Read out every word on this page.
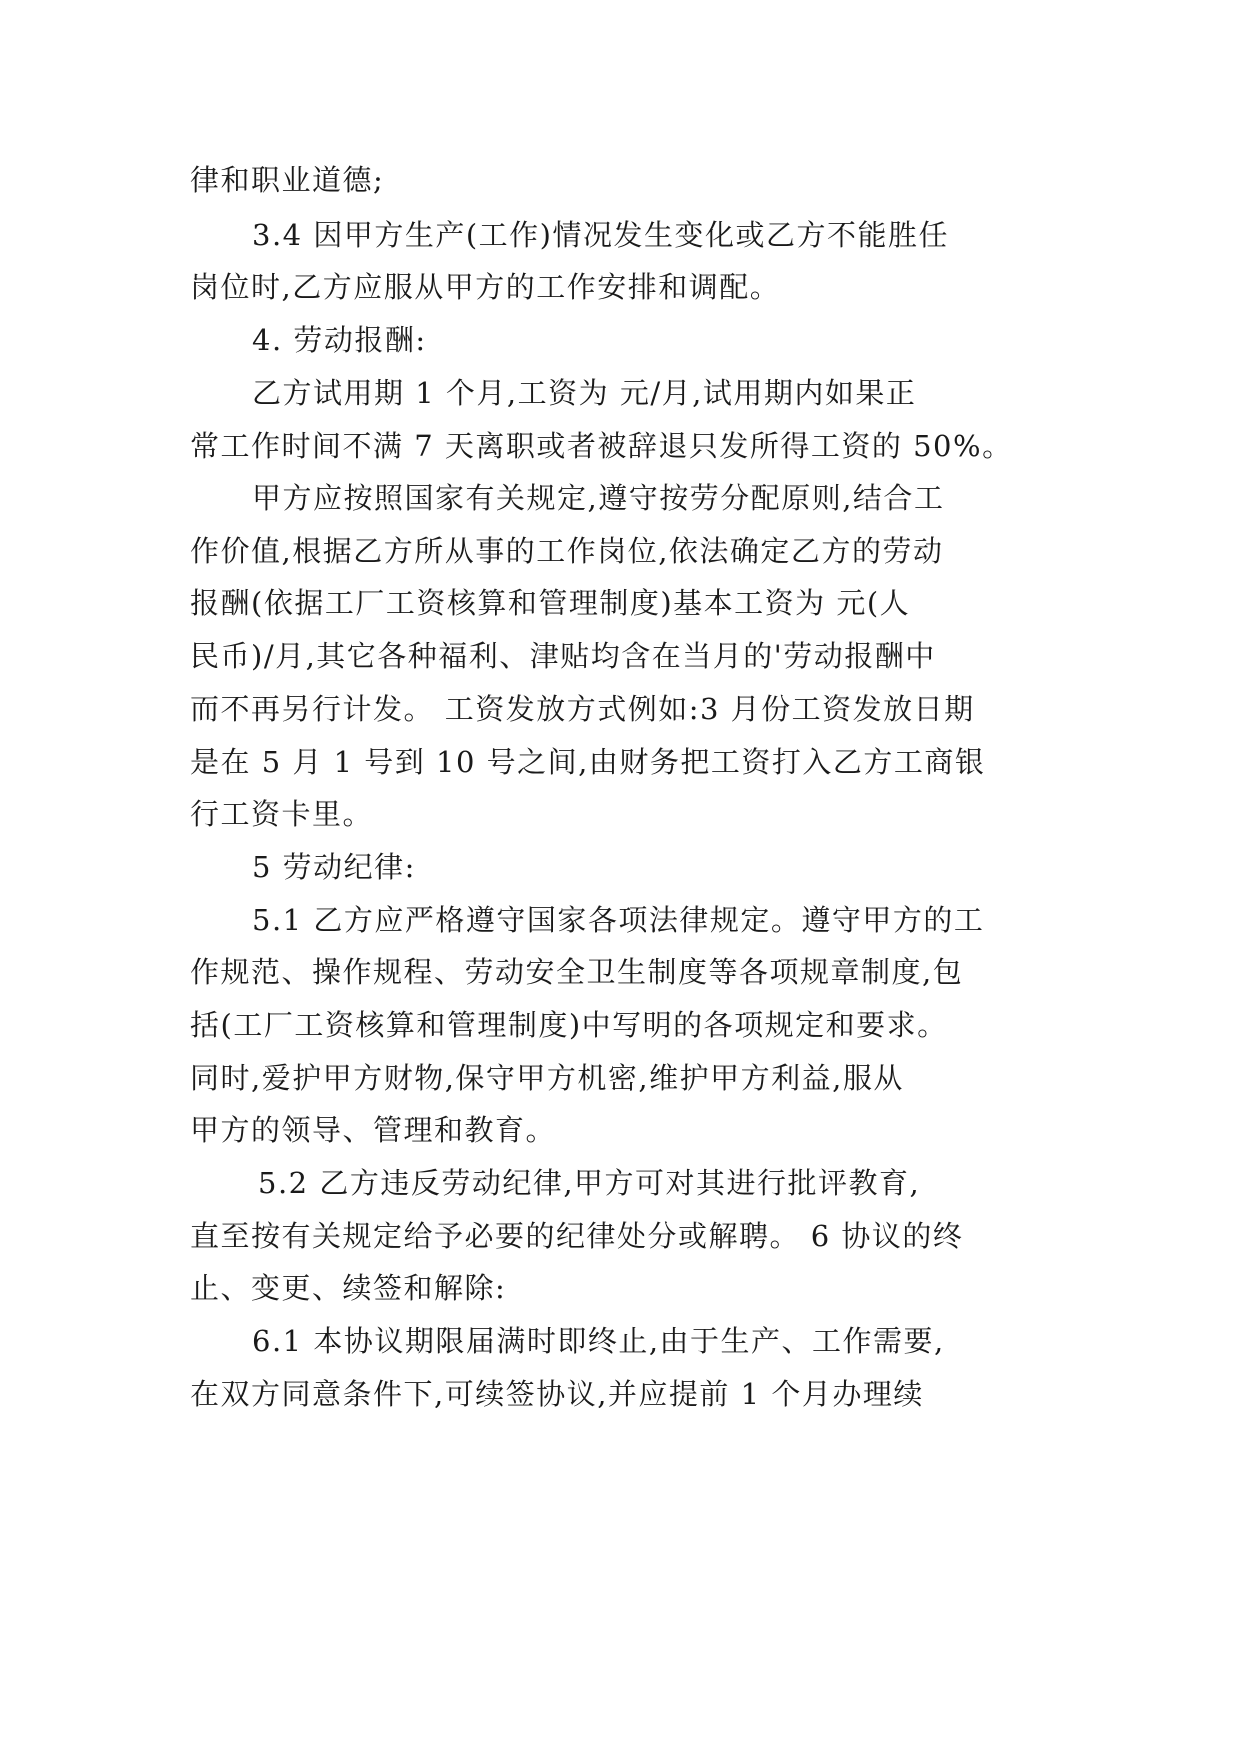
律和职业道德;
3.4 因甲方生产(工作)情况发生变化或乙方不能胜任
岗位时,乙方应服从甲方的工作安排和调配。
4. 劳动报酬:
乙方试用期 1 个月,工资为 元/月,试用期内如果正
常工作时间不满 7 天离职或者被辞退只发所得工资的 50%。
甲方应按照国家有关规定,遵守按劳分配原则,结合工
作价值,根据乙方所从事的工作岗位,依法确定乙方的劳动
报酬(依据工厂工资核算和管理制度)基本工资为 元(人
民币)/月,其它各种福利、津贴均含在当月的'劳动报酬中
而不再另行计发。 工资发放方式例如:3 月份工资发放日期
是在 5 月 1 号到 10 号之间,由财务把工资打入乙方工商银
行工资卡里。
5 劳动纪律:
5.1 乙方应严格遵守国家各项法律规定。遵守甲方的工
作规范、操作规程、劳动安全卫生制度等各项规章制度,包
括(工厂工资核算和管理制度)中写明的各项规定和要求。
同时,爱护甲方财物,保守甲方机密,维护甲方利益,服从
甲方的领导、管理和教育。
5.2 乙方违反劳动纪律,甲方可对其进行批评教育,
直至按有关规定给予必要的纪律处分或解聘。 6 协议的终
止、变更、续签和解除:
6.1 本协议期限届满时即终止,由于生产、工作需要,
在双方同意条件下,可续签协议,并应提前 1 个月办理续
